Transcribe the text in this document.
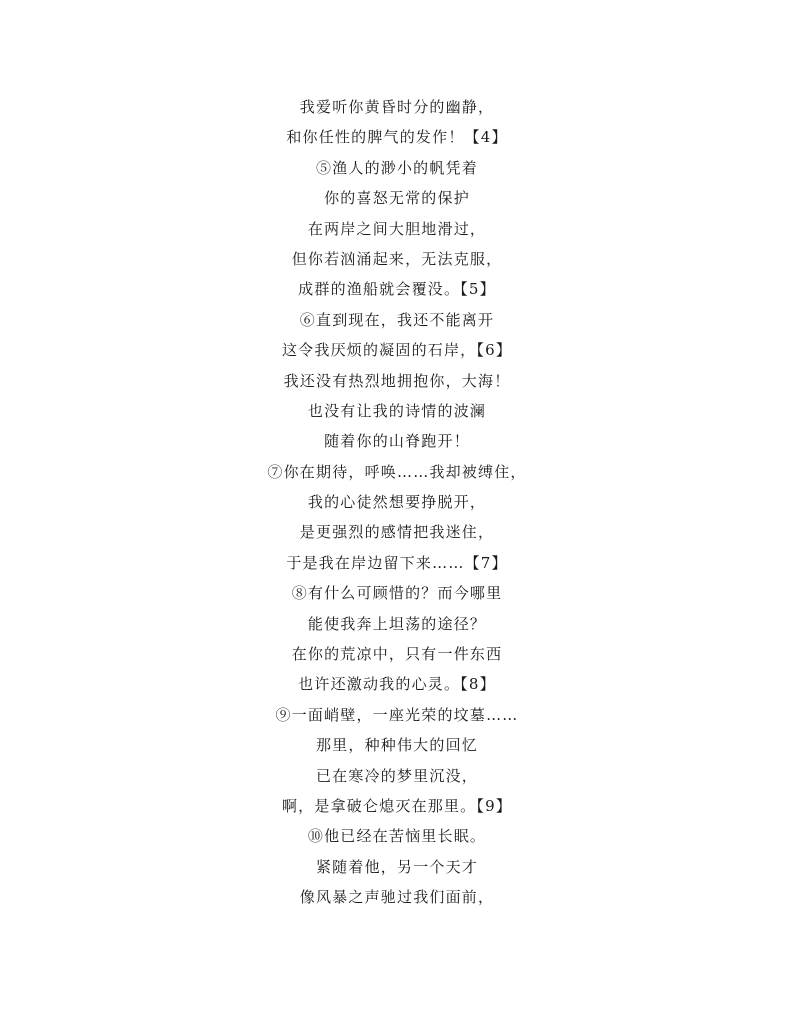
我爱听你黄昏时分的幽静，
和你任性的脾气的发作！【4】
⑤渔人的渺小的帆凭着
你的喜怒无常的保护
在两岸之间大胆地滑过，
但你若汹涌起来，无法克服，
成群的渔船就会覆没。【5】
⑥直到现在，我还不能离开
这令我厌烦的凝固的石岸，【6】
我还没有热烈地拥抱你，大海！
也没有让我的诗情的波澜
随着你的山脊跑开！
⑦你在期待，呼唤……我却被缚住，
我的心徒然想要挣脱开，
是更强烈的感情把我迷住，
于是我在岸边留下来……【7】
⑧有什么可顾惜的？而今哪里
能使我奔上坦荡的途径？
在你的荒凉中，只有一件东西
也许还激动我的心灵。【8】
⑨一面峭壁，一座光荣的坟墓……
那里，种种伟大的回忆
已在寒冷的梦里沉没，
啊，是拿破仑熄灭在那里。【9】
⑩他已经在苦恼里长眠。
紧随着他，另一个天才
像风暴之声驰过我们面前，
